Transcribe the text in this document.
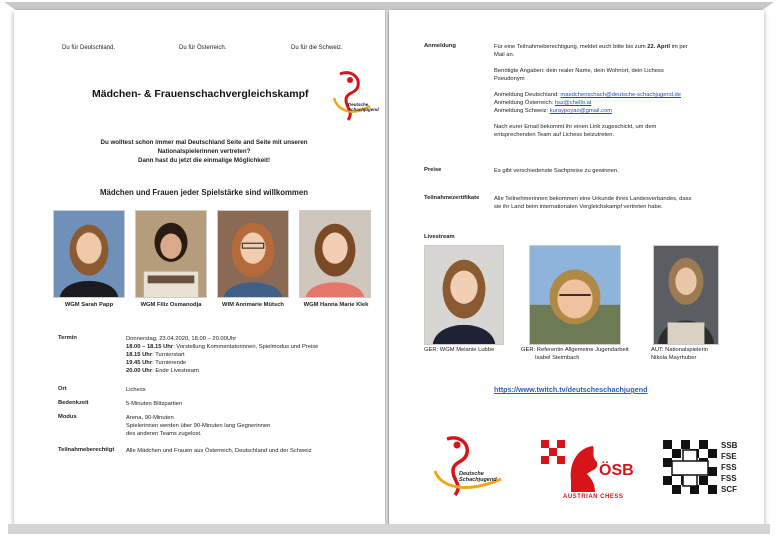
Du für Deutschland.	Du für Österreich.	Du für die Schweiz.
Mädchen- & Frauenschachvergleichskampf
Deutsche
Schachjugend
Du wolltest schon immer mal Deutschland Seite and Seite mit unseren
Nationalspielerinnen vertreten?
Dann hast du jetzt die einmalige Möglichkeit!
Mädchen und Frauen jeder Spielstärke sind willkommen
WGM Sarah Papp	WGM Filiz Osmanodja	WIM Annmarie Mütsch	WGM Hanna Marie Klek
Termin	Donnerstag, 23.04.2020, 18.00 – 20.00Uhr
18.00 – 18.15 Uhr: Vorstellung Kommentatorinnen, Spielmodus und Preise
18.15 Uhr: Turnierstart
19.45 Uhr: Turnierende
20.00 Uhr: Ende Livestream
Ort	Lichess
Bedenkzeit	5-Minuten Blitzpartien
Modus	Arena, 90-Minuten
Spielerinnen werden über 90-Minuten lang Gegnerinnen
des anderen Teams zugelost.
Teilnahmeberechtigt Alle Mädchen und Frauen aus Österreich, Deutschland und der Schweiz
Anmeldung	Für eine Teilnahmeberechtigung, meldet euch bitte bis zum 22. April im per
Mail an.
Benötigte Angaben: dein realer Name, dein Wohnort, dein Lichess
Pseudonym
Anmeldung Deutschland: maedchenschach@deutsche-schachjugend.de
Anmeldung Österreich: hsz@chello.at
Anmeldung Schweiz: kuraypoyao@gmail.com
Nach eurer Email bekommt ihr einen Link zugeschickt, um dem
entsprechenden Team auf Lichess beizutreten.
Preise	Es gibt verschiedenste Sachpreise zu gewinnen.
Teilnahmezertifikate	Alle Teilnehmerinnen bekommen eine Urkunde ihres Landesverbandes, dass
sie ihr Land beim internationalen Vergleichskampf vertreten habe.
Livestream
GER: WGM Melanie Lubbe	GER: Referentin Allgemeine Jugendarbeit
Isabel Steimbach
AUT: Nationalspielerin
Nikola Mayrhuber
https://www.twitch.tv/deutscheschachjugend
Deutsche
Schachjugend
ÖSB
AUSTRIAN CHESS
SSB
FSE
FSS
FSS
SCF
